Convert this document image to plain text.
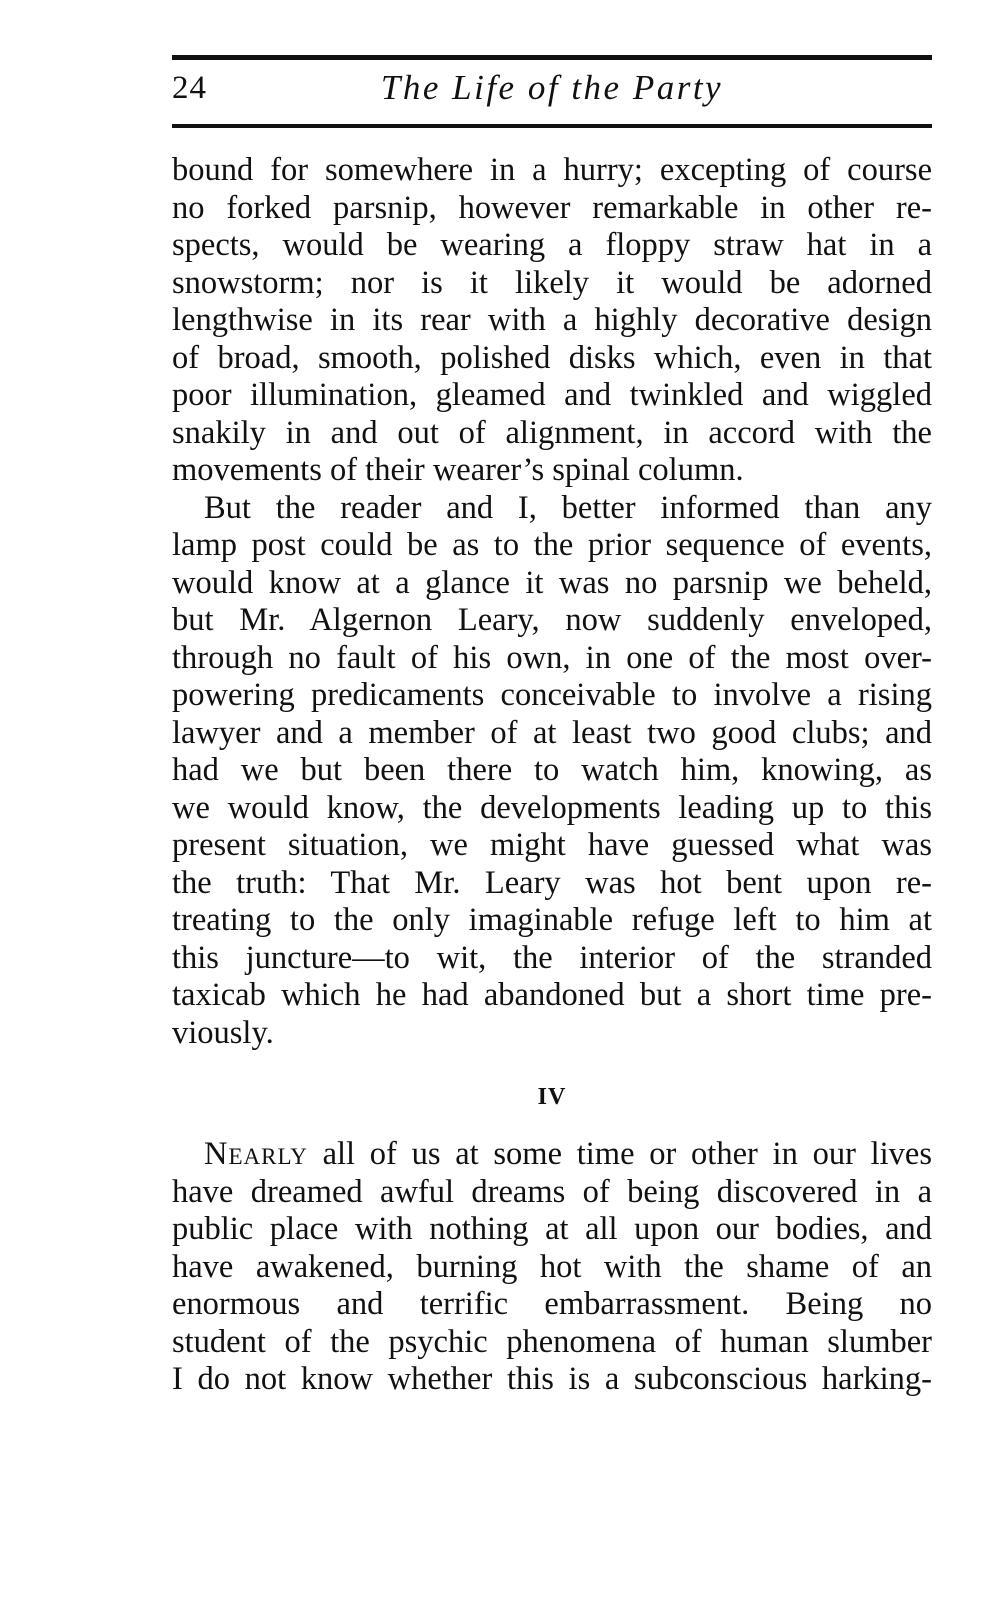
24	The Life of the Party

bound for somewhere in a hurry; excepting of course
no forked parsnip, however remarkable in other re-
spects, would be wearing a floppy straw hat in a
snowstorm; nor is it likely it would be adorned
lengthwise in its rear with a highly decorative design
of broad, smooth, polished disks which, even in that
poor illumination, gleamed and twinkled and wiggled
snakily in and out of alignment, in accord with the
movements of their wearer’s spinal column.

But the reader and I, better informed than any
lamp post could be as to the prior sequence of events,
would know at a glance it was no parsnip we beheld,
but Mr. Algernon Leary, now suddenly enveloped,
through no fault of his own, in one of the most over-
powering predicaments conceivable to involve a rising
lawyer and a member of at least two good clubs; and
had we but been there to watch him, knowing, as
we would know, the developments leading up to this
present situation, we might have guessed what was
the truth: That Mr. Leary was hot bent upon re-
treating to the only imaginable refuge left to him at
this juncture—to wit, the interior of the stranded
taxicab which he had abandoned but a short time pre-
viously.

IV

Nearly all of us at some time or other in our lives
have dreamed awful dreams of being discovered in a
public place with nothing at all upon our bodies, and
have awakened, burning hot with the shame of an
enormous and terrific embarrassment. Being no
student of the psychic phenomena of human slumber
I do not know whether this is a subconscious harking-
